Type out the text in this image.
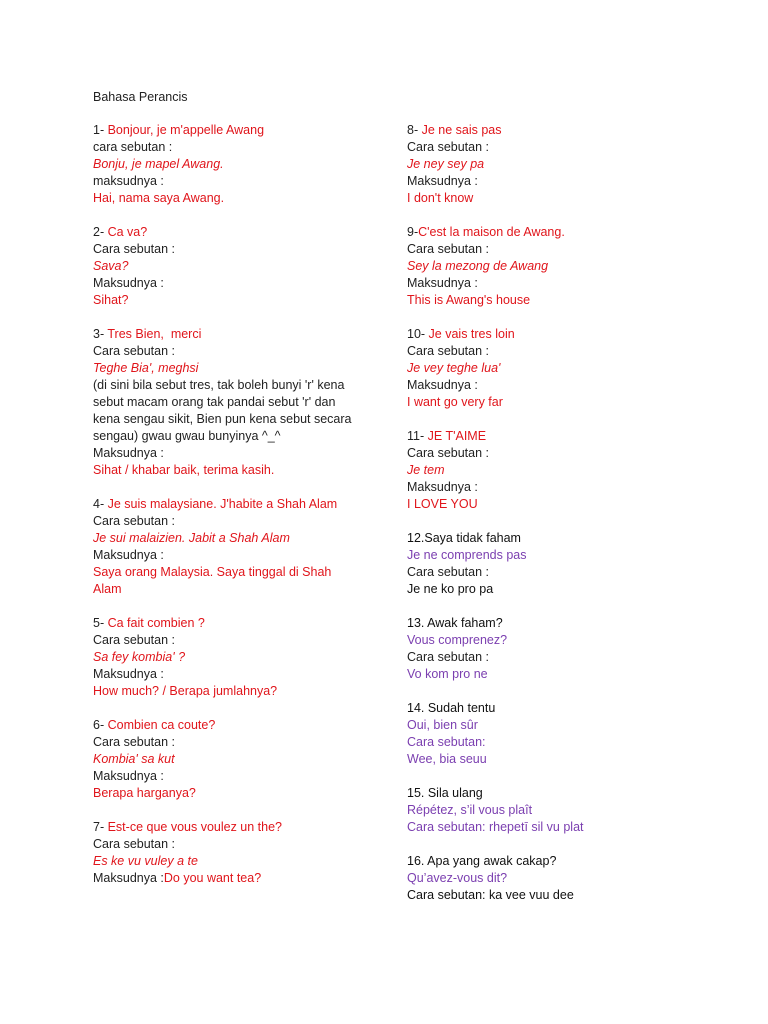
Bahasa Perancis
1- Bonjour, je m'appelle Awang
cara sebutan :
Bonju, je mapel Awang.
maksudnya :
Hai, nama saya Awang.
2- Ca va?
Cara sebutan :
Sava?
Maksudnya :
Sihat?
3- Tres Bien,  merci
Cara sebutan :
Teghe Bia', meghsi
(di sini bila sebut tres, tak boleh bunyi 'r' kena sebut macam orang tak pandai sebut 'r' dan kena sengau sikit, Bien pun kena sebut secara sengau) gwau gwau bunyinya ^_^
Maksudnya :
Sihat / khabar baik, terima kasih.
4- Je suis malaysiane. J'habite a Shah Alam
Cara sebutan :
Je sui malaizien. Jabit a Shah Alam
Maksudnya :
Saya orang Malaysia. Saya tinggal di Shah Alam
5- Ca fait combien ?
Cara sebutan :
Sa fey kombia' ?
Maksudnya :
How much? / Berapa jumlahnya?
6- Combien ca coute?
Cara sebutan :
Kombia' sa kut
Maksudnya :
Berapa harganya?
7- Est-ce que vous voulez un the?
Cara sebutan :
Es ke vu vuley a te
Maksudnya :Do you want tea?
8- Je ne sais pas
Cara sebutan :
Je ney sey pa
Maksudnya :
I don't know
9-C'est la maison de Awang.
Cara sebutan :
Sey la mezong de Awang
Maksudnya :
This is Awang's house
10- Je vais tres loin
Cara sebutan :
Je vey teghe lua'
Maksudnya :
I want go very far
11- JE T'AIME
Cara sebutan :
Je tem
Maksudnya :
I LOVE YOU
12.Saya tidak faham
Je ne comprends pas
Cara sebutan :
Je ne ko pro pa
13. Awak faham?
Vous comprenez?
Cara sebutan :
Vo kom pro ne
14. Sudah tentu
Oui, bien sûr
Cara sebutan:
Wee, bia seuu
15. Sila ulang
Répétez, s’il vous plaît
Cara sebutan: rhepetī sil vu plat
16. Apa yang awak cakap?
Qu’avez-vous dit?
Cara sebutan: ka vee vuu dee
